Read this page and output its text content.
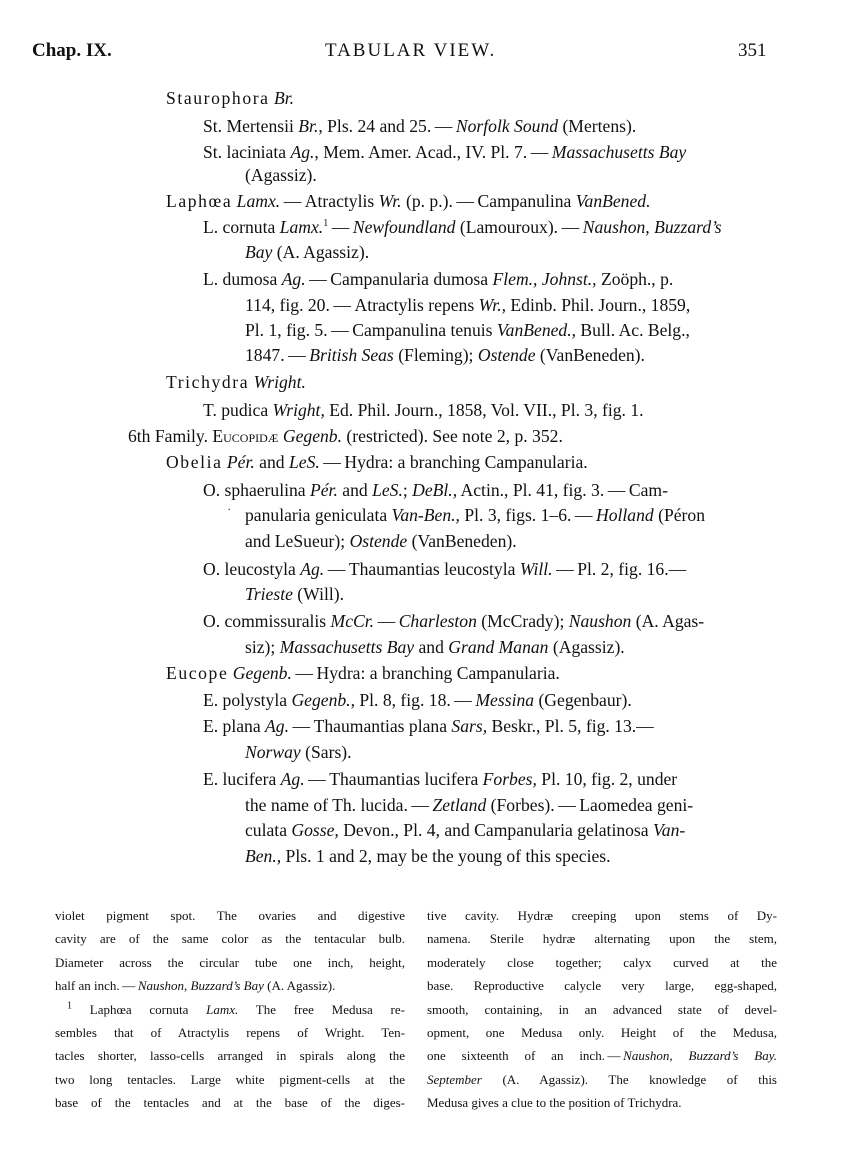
Chap. IX.	TABULAR VIEW.	351
Staurophora Br.
St. Mertensii Br., Pls. 24 and 25. — Norfolk Sound (Mertens).
St. laciniata Ag., Mem. Amer. Acad., IV. Pl. 7. — Massachusetts Bay
(Agassiz).
Laphœa Lamx. — Atractylis Wr. (p. p.). — Campanulina VanBened.
L. cornuta Lamx.$^1$ — Newfoundland (Lamouroux). — Naushon, Buzzard’s
Bay (A. Agassiz).
L. dumosa Ag. — Campanularia dumosa Flem., Johnst., Zoöph., p.
114, fig. 20. — Atractylis repens Wr., Edinb. Phil. Journ., 1859,
Pl. 1, fig. 5. — Campanulina tenuis VanBened., Bull. Ac. Belg.,
1847. — British Seas (Fleming); Ostende (VanBeneden).
Trichydra Wright.
T. pudica Wright, Ed. Phil. Journ., 1858, Vol. VII., Pl. 3, fig. 1.
6th Family. Eucopidæ Gegenb. (restricted). See note 2, p. 352.
Obelia Pér. and LeS. — Hydra: a branching Campanularia.
O. sphaerulina Pér. and LeS.; DeBl., Actin., Pl. 41, fig. 3. — Cam-
panularia geniculata Van-Ben., Pl. 3, figs. 1–6. — Holland (Péron
and LeSueur); Ostende (VanBeneden).
O. leucostyla Ag. — Thaumantias leucostyla Will. — Pl. 2, fig. 16.—
Trieste (Will).
O. commissuralis McCr. — Charleston (McCrady); Naushon (A. Agas-
siz); Massachusetts Bay and Grand Manan (Agassiz).
Eucope Gegenb. — Hydra: a branching Campanularia.
E. polystyla Gegenb., Pl. 8, fig. 18. — Messina (Gegenbaur).
E. plana Ag. — Thaumantias plana Sars, Beskr., Pl. 5, fig. 13.—
Norway (Sars).
E. lucifera Ag. — Thaumantias lucifera Forbes, Pl. 10, fig. 2, under
the name of Th. lucida. — Zetland (Forbes). — Laomedea geni-
culata Gosse, Devon., Pl. 4, and Campanularia gelatinosa Van-
Ben., Pls. 1 and 2, may be the young of this species.
˙
violet pigment spot. The ovaries and digestive
cavity are of the same color as the tentacular bulb.
Diameter across the circular tube one inch, height,
half an inch. — Naushon, Buzzard’s Bay (A. Agassiz).
$^1$ Laphœa cornuta Lamx. The free Medusa re-
sembles that of Atractylis repens of Wright. Ten-
tacles shorter, lasso-cells arranged in spirals along the
two long tentacles. Large white pigment-cells at the
base of the tentacles and at the base of the diges-
tive cavity. Hydræ creeping upon stems of Dy-
namena. Sterile hydræ alternating upon the stem,
moderately close together; calyx curved at the
base. Reproductive calycle very large, egg-shaped,
smooth, containing, in an advanced state of devel-
opment, one Medusa only. Height of the Medusa,
one sixteenth of an inch. — Naushon, Buzzard’s Bay.
September (A. Agassiz). The knowledge of this
Medusa gives a clue to the position of Trichydra.
